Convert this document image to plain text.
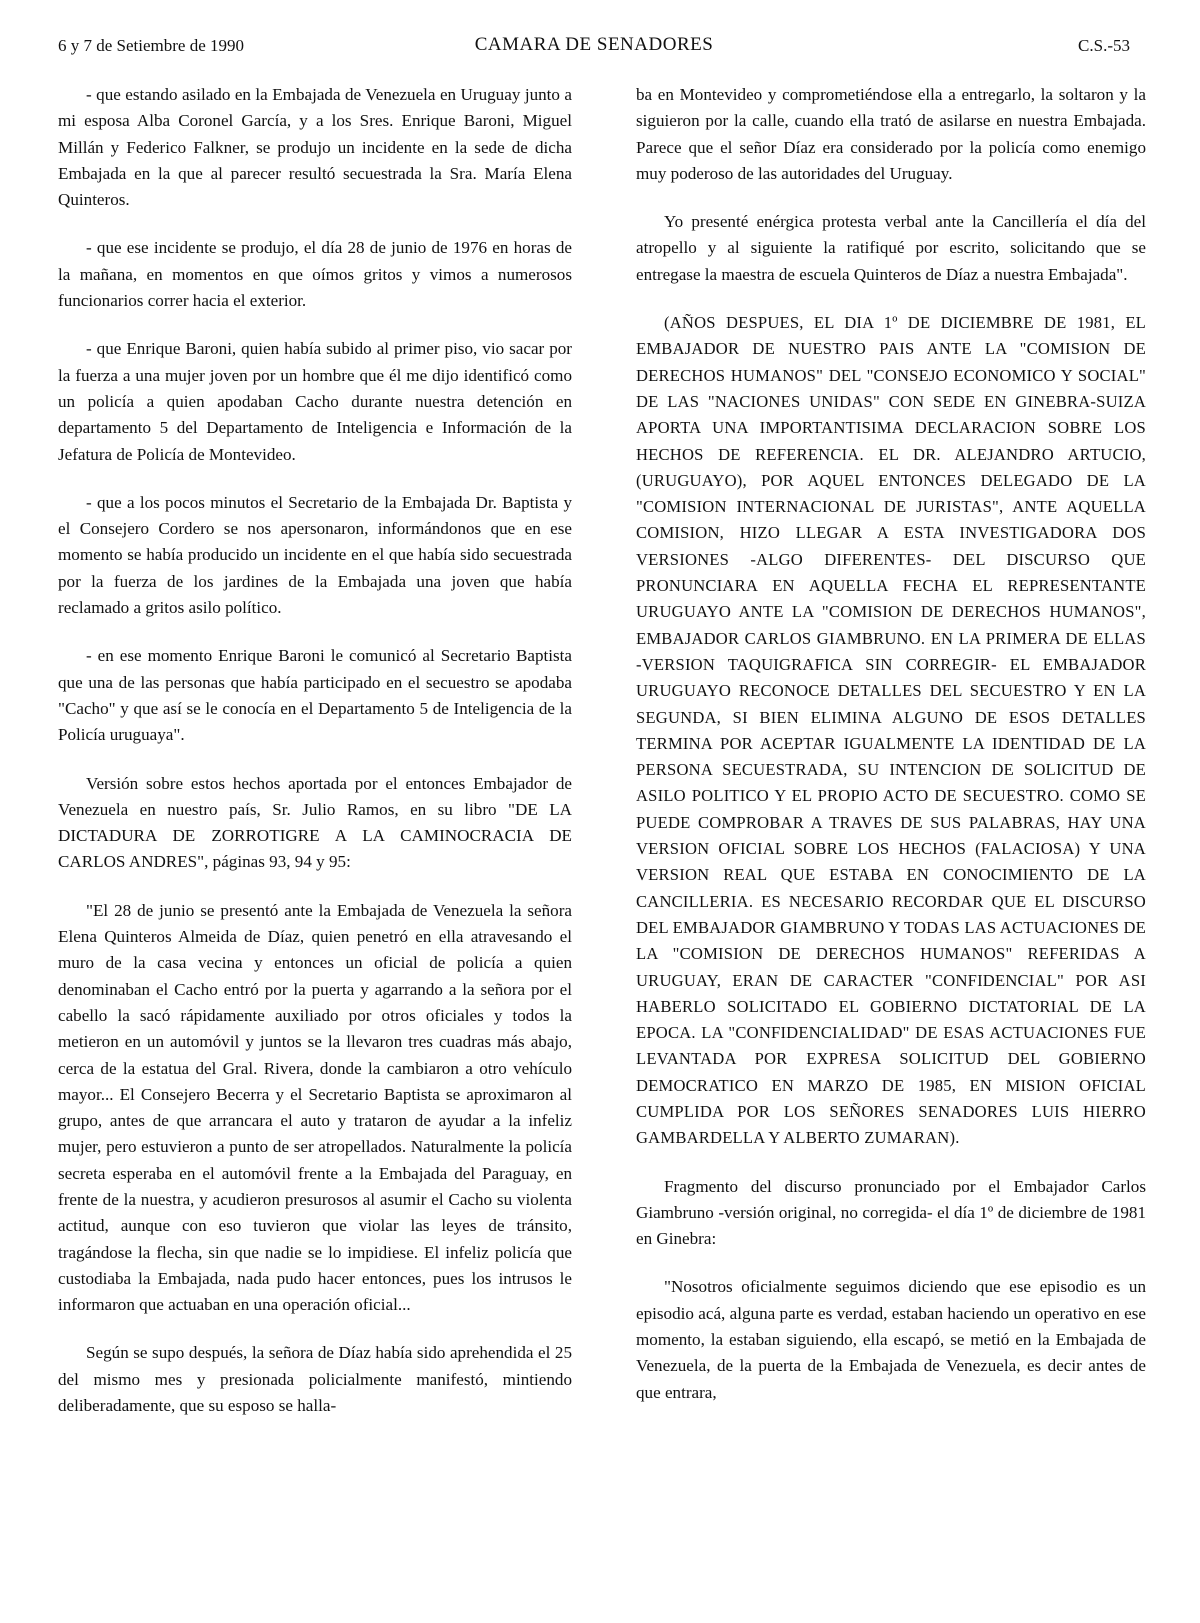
6 y 7 de Setiembre de 1990	CAMARA DE SENADORES	C.S.-53

- que estando asilado en la Embajada de Venezuela en Uruguay junto a mi esposa Alba Coronel García, y a los Sres. Enrique Baroni, Miguel Millán y Federico Falkner, se produjo un incidente en la sede de dicha Embajada en la que al parecer resultó secuestrada la Sra. María Elena Quinteros.

- que ese incidente se produjo, el día 28 de junio de 1976 en horas de la mañana, en momentos en que oímos gritos y vimos a numerosos funcionarios correr hacia el exterior.

- que Enrique Baroni, quien había subido al primer piso, vio sacar por la fuerza a una mujer joven por un hombre que él me dijo identificó como un policía a quien apodaban Cacho durante nuestra detención en departamento 5 del Departamento de Inteligencia e Información de la Jefatura de Policía de Montevideo.

- que a los pocos minutos el Secretario de la Embajada Dr. Baptista y el Consejero Cordero se nos apersonaron, informándonos que en ese momento se había producido un incidente en el que había sido secuestrada por la fuerza de los jardines de la Embajada una joven que había reclamado a gritos asilo político.

- en ese momento Enrique Baroni le comunicó al Secretario Baptista que una de las personas que había participado en el secuestro se apodaba "Cacho" y que así se le conocía en el Departamento 5 de Inteligencia de la Policía uruguaya".

Versión sobre estos hechos aportada por el entonces Embajador de Venezuela en nuestro país, Sr. Julio Ramos, en su libro "DE LA DICTADURA DE ZORROTIGRE A LA CAMINOCRACIA DE CARLOS ANDRES", páginas 93, 94 y 95:

"El 28 de junio se presentó ante la Embajada de Venezuela la señora Elena Quinteros Almeida de Díaz, quien penetró en ella atravesando el muro de la casa vecina y entonces un oficial de policía a quien denominaban el Cacho entró por la puerta y agarrando a la señora por el cabello la sacó rápidamente auxiliado por otros oficiales y todos la metieron en un automóvil y juntos se la llevaron tres cuadras más abajo, cerca de la estatua del Gral. Rivera, donde la cambiaron a otro vehículo mayor... El Consejero Becerra y el Secretario Baptista se aproximaron al grupo, antes de que arrancara el auto y trataron de ayudar a la infeliz mujer, pero estuvieron a punto de ser atropellados. Naturalmente la policía secreta esperaba en el automóvil frente a la Embajada del Paraguay, en frente de la nuestra, y acudieron presurosos al asumir el Cacho su violenta actitud, aunque con eso tuvieron que violar las leyes de tránsito, tragándose la flecha, sin que nadie se lo impidiese. El infeliz policía que custodiaba la Embajada, nada pudo hacer entonces, pues los intrusos le informaron que actuaban en una operación oficial...

Según se supo después, la señora de Díaz había sido aprehendida el 25 del mismo mes y presionada policialmente manifestó, mintiendo deliberadamente, que su esposo se halla-

ba en Montevideo y comprometiéndose ella a entregarlo, la soltaron y la siguieron por la calle, cuando ella trató de asilarse en nuestra Embajada. Parece que el señor Díaz era considerado por la policía como enemigo muy poderoso de las autoridades del Uruguay.

Yo presenté enérgica protesta verbal ante la Cancillería el día del atropello y al siguiente la ratifiqué por escrito, solicitando que se entregase la maestra de escuela Quinteros de Díaz a nuestra Embajada".

(AÑOS DESPUES, EL DIA 1º DE DICIEMBRE DE 1981, EL EMBAJADOR DE NUESTRO PAIS ANTE LA "COMISION DE DERECHOS HUMANOS" DEL "CONSEJO ECONOMICO Y SOCIAL" DE LAS "NACIONES UNIDAS" CON SEDE EN GINEBRA-SUIZA APORTA UNA IMPORTANTISIMA DECLARACION SOBRE LOS HECHOS DE REFERENCIA. EL DR. ALEJANDRO ARTUCIO, (URUGUAYO), POR AQUEL ENTONCES DELEGADO DE LA "COMISION INTERNACIONAL DE JURISTAS", ANTE AQUELLA COMISION, HIZO LLEGAR A ESTA INVESTIGADORA DOS VERSIONES -ALGO DIFERENTES- DEL DISCURSO QUE PRONUNCIARA EN AQUELLA FECHA EL REPRESENTANTE URUGUAYO ANTE LA "COMISION DE DERECHOS HUMANOS", EMBAJADOR CARLOS GIAMBRUNO. EN LA PRIMERA DE ELLAS -VERSION TAQUIGRAFICA SIN CORREGIR- EL EMBAJADOR URUGUAYO RECONOCE DETALLES DEL SECUESTRO Y EN LA SEGUNDA, SI BIEN ELIMINA ALGUNO DE ESOS DETALLES TERMINA POR ACEPTAR IGUALMENTE LA IDENTIDAD DE LA PERSONA SECUESTRADA, SU INTENCION DE SOLICITUD DE ASILO POLITICO Y EL PROPIO ACTO DE SECUESTRO. COMO SE PUEDE COMPROBAR A TRAVES DE SUS PALABRAS, HAY UNA VERSION OFICIAL SOBRE LOS HECHOS (FALACIOSA) Y UNA VERSION REAL QUE ESTABA EN CONOCIMIENTO DE LA CANCILLERIA. ES NECESARIO RECORDAR QUE EL DISCURSO DEL EMBAJADOR GIAMBRUNO Y TODAS LAS ACTUACIONES DE LA "COMISION DE DERECHOS HUMANOS" REFERIDAS A URUGUAY, ERAN DE CARACTER "CONFIDENCIAL" POR ASI HABERLO SOLICITADO EL GOBIERNO DICTATORIAL DE LA EPOCA. LA "CONFIDENCIALIDAD" DE ESAS ACTUACIONES FUE LEVANTADA POR EXPRESA SOLICITUD DEL GOBIERNO DEMOCRATICO EN MARZO DE 1985, EN MISION OFICIAL CUMPLIDA POR LOS SEÑORES SENADORES LUIS HIERRO GAMBARDELLA Y ALBERTO ZUMARAN).

Fragmento del discurso pronunciado por el Embajador Carlos Giambruno -versión original, no corregida- el día 1º de diciembre de 1981 en Ginebra:

"Nosotros oficialmente seguimos diciendo que ese episodio es un episodio acá, alguna parte es verdad, estaban haciendo un operativo en ese momento, la estaban siguiendo, ella escapó, se metió en la Embajada de Venezuela, de la puerta de la Embajada de Venezuela, es decir antes de que entrara,
